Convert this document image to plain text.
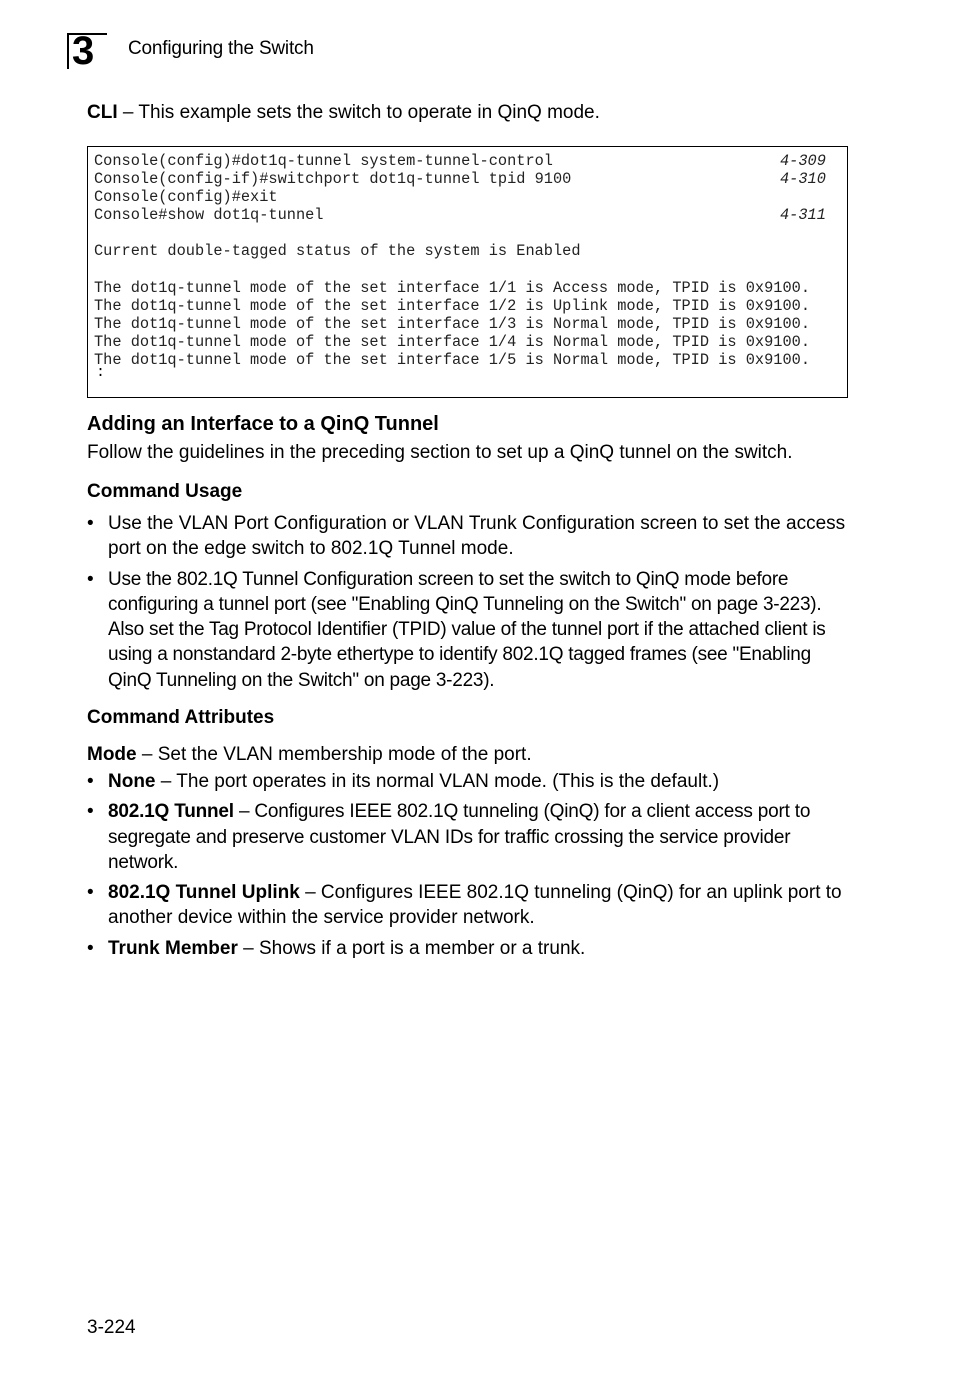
3 Configuring the Switch
CLI – This example sets the switch to operate in QinQ mode.
Console(config)#dot1q-tunnel system-tunnel-control	4-309
Console(config-if)#switchport dot1q-tunnel tpid 9100	4-310
Console(config)#exit
Console#show dot1q-tunnel	4-311
Current double-tagged status of the system is Enabled
The dot1q-tunnel mode of the set interface 1/1 is Access mode, TPID is 0x9100.
The dot1q-tunnel mode of the set interface 1/2 is Uplink mode, TPID is 0x9100.
The dot1q-tunnel mode of the set interface 1/3 is Normal mode, TPID is 0x9100.
The dot1q-tunnel mode of the set interface 1/4 is Normal mode, TPID is 0x9100.
The dot1q-tunnel mode of the set interface 1/5 is Normal mode, TPID is 0x9100.
:
Adding an Interface to a QinQ Tunnel
Follow the guidelines in the preceding section to set up a QinQ tunnel on the switch.
Command Usage
• Use the VLAN Port Configuration or VLAN Trunk Configuration screen to set the access port on the edge switch to 802.1Q Tunnel mode.
• Use the 802.1Q Tunnel Configuration screen to set the switch to QinQ mode before configuring a tunnel port (see "Enabling QinQ Tunneling on the Switch" on page 3-223). Also set the Tag Protocol Identifier (TPID) value of the tunnel port if the attached client is using a nonstandard 2-byte ethertype to identify 802.1Q tagged frames (see "Enabling QinQ Tunneling on the Switch" on page 3-223).
Command Attributes
Mode – Set the VLAN membership mode of the port.
• None – The port operates in its normal VLAN mode. (This is the default.)
• 802.1Q Tunnel – Configures IEEE 802.1Q tunneling (QinQ) for a client access port to segregate and preserve customer VLAN IDs for traffic crossing the service provider network.
• 802.1Q Tunnel Uplink – Configures IEEE 802.1Q tunneling (QinQ) for an uplink port to another device within the service provider network.
• Trunk Member – Shows if a port is a member or a trunk.
3-224
